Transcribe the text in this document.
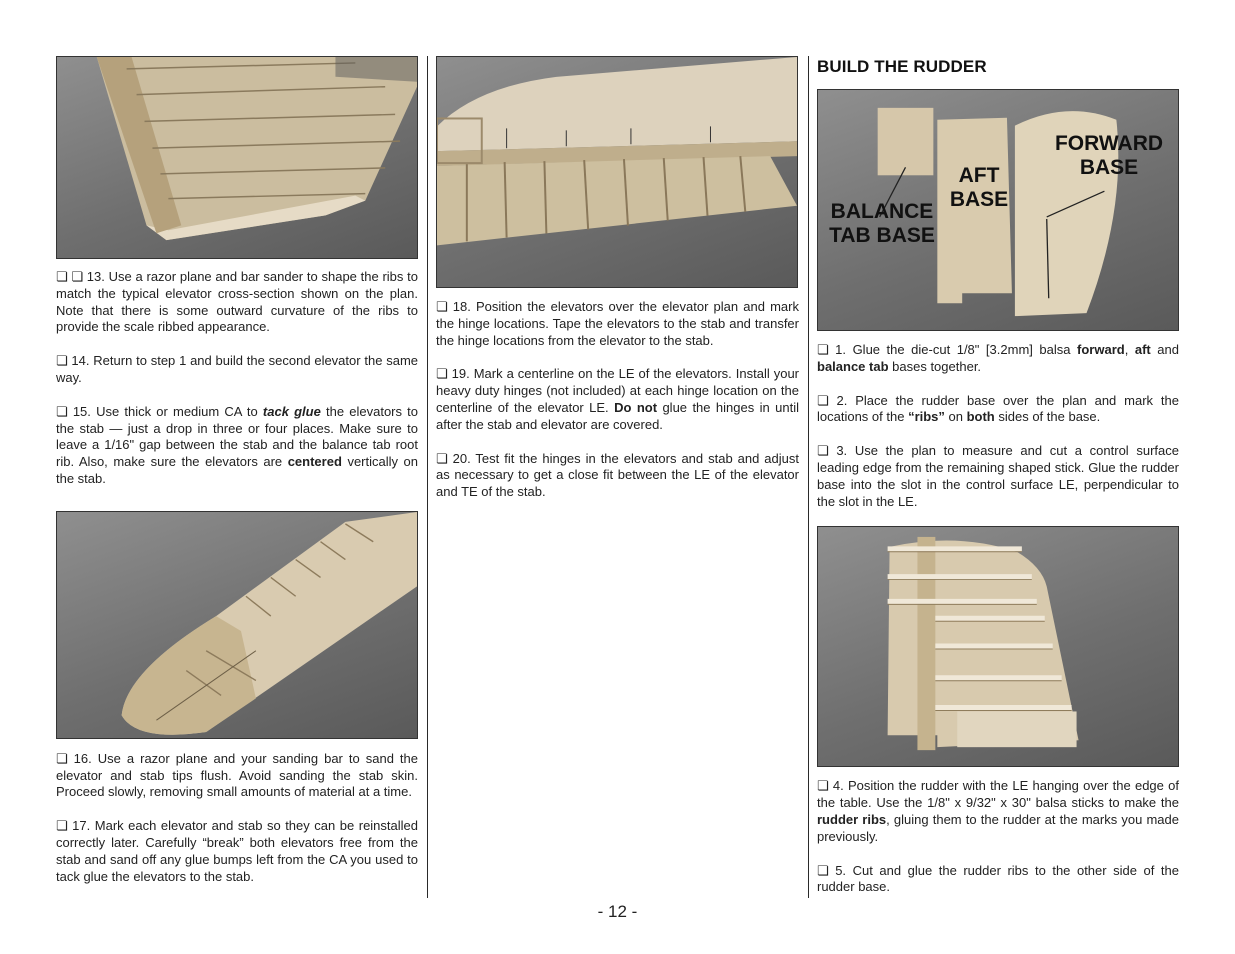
❏ ❏ 13. Use a razor plane and bar sander to shape the ribs to match the typical elevator cross-section shown on the plan. Note that there is some outward curvature of the ribs to provide the scale ribbed appearance.

❏ 14. Return to step 1 and build the second elevator the same way.

❏ 15. Use thick or medium CA to tack glue the elevators to the stab — just a drop in three or four places. Make sure to leave a 1/16" gap between the stab and the balance tab root rib. Also, make sure the elevators are centered vertically on the stab.

❏ 16. Use a razor plane and your sanding bar to sand the elevator and stab tips flush. Avoid sanding the stab skin. Proceed slowly, removing small amounts of material at a time.

❏ 17. Mark each elevator and stab so they can be reinstalled correctly later. Carefully “break” both elevators free from the stab and sand off any glue bumps left from the CA you used to tack glue the elevators to the stab.

❏ 18. Position the elevators over the elevator plan and mark the hinge locations. Tape the elevators to the stab and transfer the hinge locations from the elevator to the stab.

❏ 19. Mark a centerline on the LE of the elevators. Install your heavy duty hinges (not included) at each hinge location on the centerline of the elevator LE. Do not glue the hinges in until after the stab and elevator are covered.

❏ 20. Test fit the hinges in the elevators and stab and adjust as necessary to get a close fit between the LE of the elevator and TE of the stab.

BUILD THE RUDDER
FORWARD BASE
AFT BASE
BALANCE TAB BASE

❏ 1. Glue the die-cut 1/8" [3.2mm] balsa forward, aft and balance tab bases together.

❏ 2. Place the rudder base over the plan and mark the locations of the “ribs” on both sides of the base.

❏ 3. Use the plan to measure and cut a control surface leading edge from the remaining shaped stick. Glue the rudder base into the slot in the control surface LE, perpendicular to the slot in the LE.

❏ 4. Position the rudder with the LE hanging over the edge of the table. Use the 1/8" x 9/32" x 30" balsa sticks to make the rudder ribs, gluing them to the rudder at the marks you made previously.

❏ 5. Cut and glue the rudder ribs to the other side of the rudder base.

- 12 -
